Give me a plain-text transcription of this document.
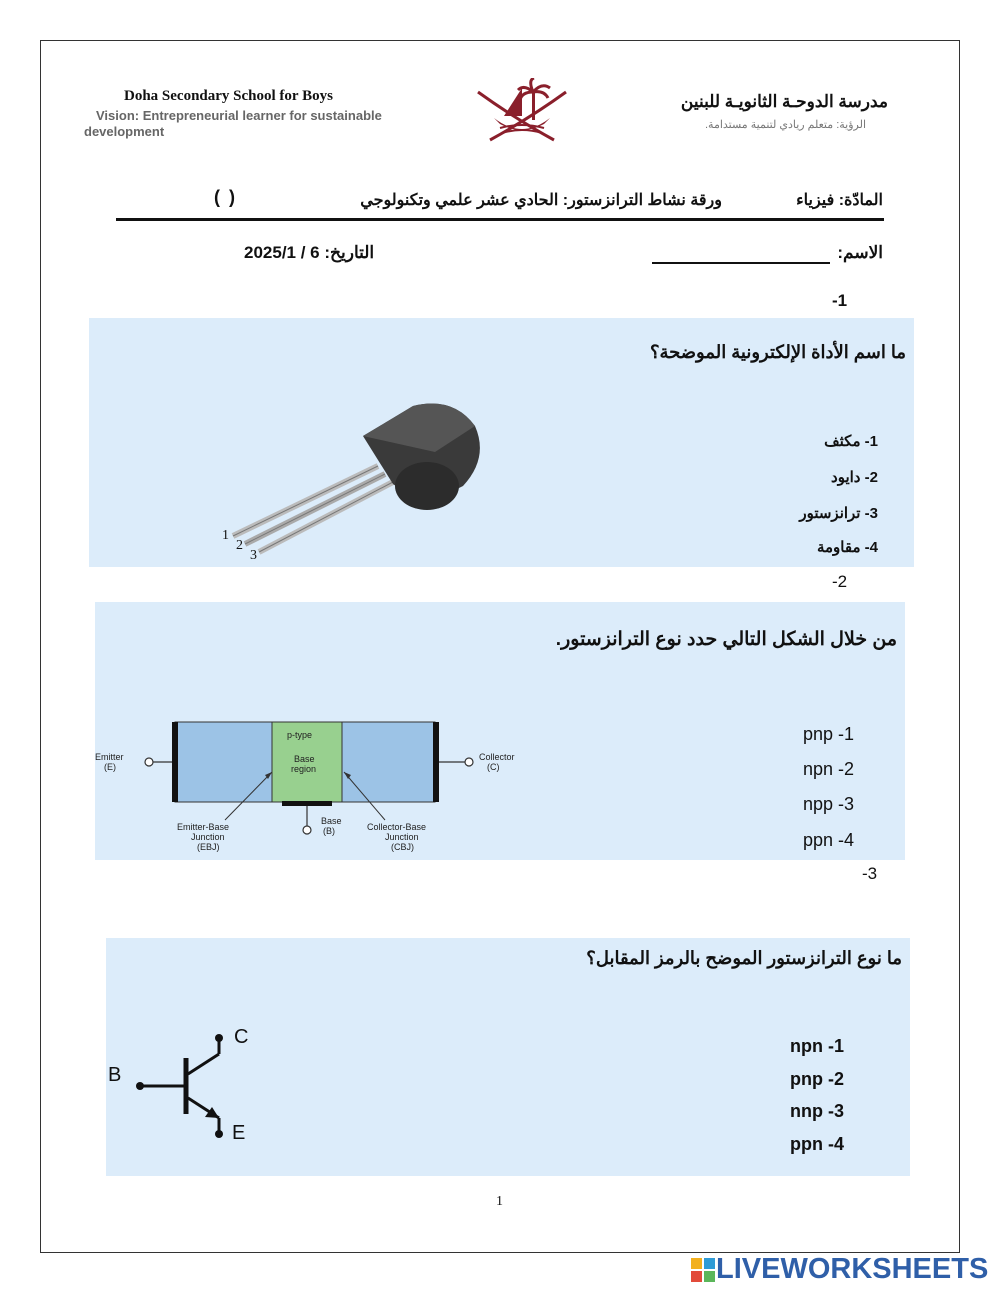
Doha Secondary School for Boys
Vision: Entrepreneurial learner for sustainable development
مدرسة الدوحـة الثانويـة للبنين
الرؤية: متعلم ريادي لتنمية مستدامة.
المادّة: فيزياء
ورقة نشاط الترانزستور: الحادي عشر علمي وتكنولوجي
( )
الاسم:
التاريخ: 6 / 2025/1
-1
ما اسم الأداة الإلكترونية الموضحة؟
1
2
3
1- مكثف
2- دايود
3- ترانزستور
4- مقاومة
-2
من خلال الشكل التالي حدد نوع الترانزستور.
p-type
Base
region
Emitter
(E)
Collector
(C)
Base
(B)
Emitter-Base
Junction
(EBJ)
Collector-Base
Junction
(CBJ)
pnp -1
npn -2
npp -3
ppn -4
-3
ما نوع الترانزستور الموضح بالرمز المقابل؟
B
C
E
npn -1
pnp -2
nnp -3
ppn -4
1
LIVEWORKSHEETS
